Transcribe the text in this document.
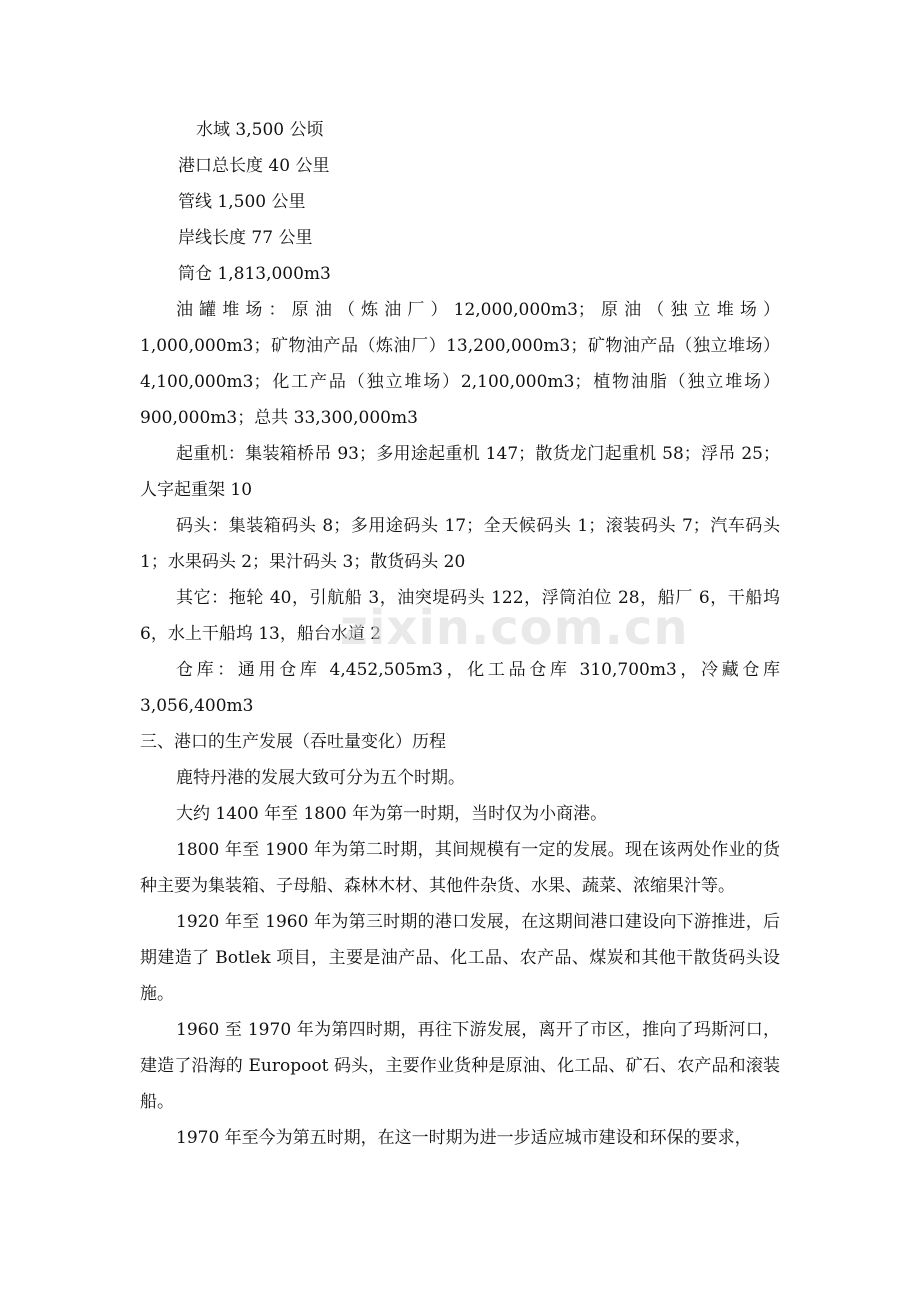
水域 3,500 公顷

港口总长度 40 公里

管线 1,500 公里

岸线长度 77 公里

筒仓 1,813,000m3

油罐堆场：原油（炼油厂）12,000,000m3；原油（独立堆场）1,000,000m3；矿物油产品（炼油厂）13,200,000m3；矿物油产品（独立堆场）4,100,000m3；化工产品（独立堆场）2,100,000m3；植物油脂（独立堆场）900,000m3；总共 33,300,000m3

起重机：集装箱桥吊 93；多用途起重机 147；散货龙门起重机 58；浮吊 25；人字起重架 10

码头：集装箱码头 8；多用途码头 17；全天候码头 1；滚装码头 7；汽车码头 1；水果码头 2；果汁码头 3；散货码头 20

其它：拖轮 40，引航船 3，油突堤码头 122，浮筒泊位 28，船厂 6，干船坞 6，水上干船坞 13，船台水道 2

仓库：通用仓库 4,452,505m3，化工品仓库 310,700m3，冷藏仓库 3,056,400m3

三、港口的生产发展（吞吐量变化）历程

鹿特丹港的发展大致可分为五个时期。

大约 1400 年至 1800 年为第一时期，当时仅为小商港。

1800 年至 1900 年为第二时期，其间规模有一定的发展。现在该两处作业的货种主要为集装箱、子母船、森林木材、其他件杂货、水果、蔬菜、浓缩果汁等。

1920 年至 1960 年为第三时期的港口发展，在这期间港口建设向下游推进，后期建造了 Botlek 项目，主要是油产品、化工品、农产品、煤炭和其他干散货码头设施。

1960 至 1970 年为第四时期，再往下游发展，离开了市区，推向了玛斯河口，建造了沿海的 Europoot 码头，主要作业货种是原油、化工品、矿石、农产品和滚装船。

1970 年至今为第五时期，在这一时期为进一步适应城市建设和环保的要求，

zixin.com.cn
